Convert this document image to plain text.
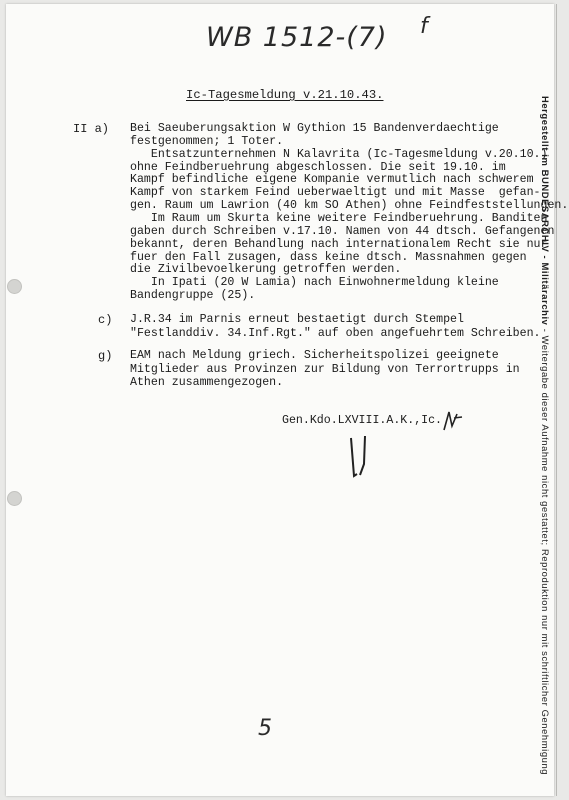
WB 1512-(7) f
Ic-Tagesmeldung v.21.10.43.
II a) Bei Saeuberungsaktion W Gythion 15 Bandenverdaechtige
festgenommen; 1 Toter.
Entsatzunternehmen N Kalavrita (Ic-Tagesmeldung v.20.10.)
ohne Feindberuehrung abgeschlossen. Die seit 19.10. im
Kampf befindliche eigene Kompanie vermutlich nach schwerem
Kampf von starkem Feind ueberwaeltigt und mit Masse  gefan-
gen. Raum um Lawrion (40 km SO Athen) ohne Feindfeststellungen.
Im Raum um Skurta keine weitere Feindberuehrung. Banditen
gaben durch Schreiben v.17.10. Namen von 44 dtsch. Gefangenen
bekannt, deren Behandlung nach internationalem Recht sie nur
fuer den Fall zusagen, dass keine dtsch. Massnahmen gegen
die Zivilbevoelkerung getroffen werden.
In Ipati (20 W Lamia) nach Einwohnermeldung kleine
Bandengruppe (25).
c) J.R.34 im Parnis erneut bestaetigt durch Stempel
"Festlanddiv. 34.Inf.Rgt." auf oben angefuehrtem Schreiben.
g) EAM nach Meldung griech. Sicherheitspolizei geeignete
Mitglieder aus Provinzen zur Bildung von Terrortrupps in
Athen zusammengezogen.
Gen.Kdo.LXVIII.A.K.,Ic.
5
Hergestellt im BUNDESARCHIV - Militärarchiv - Weitergabe dieser Aufnahme nicht gestattet; Reproduktion nur mit schriftlicher Genehmigung
